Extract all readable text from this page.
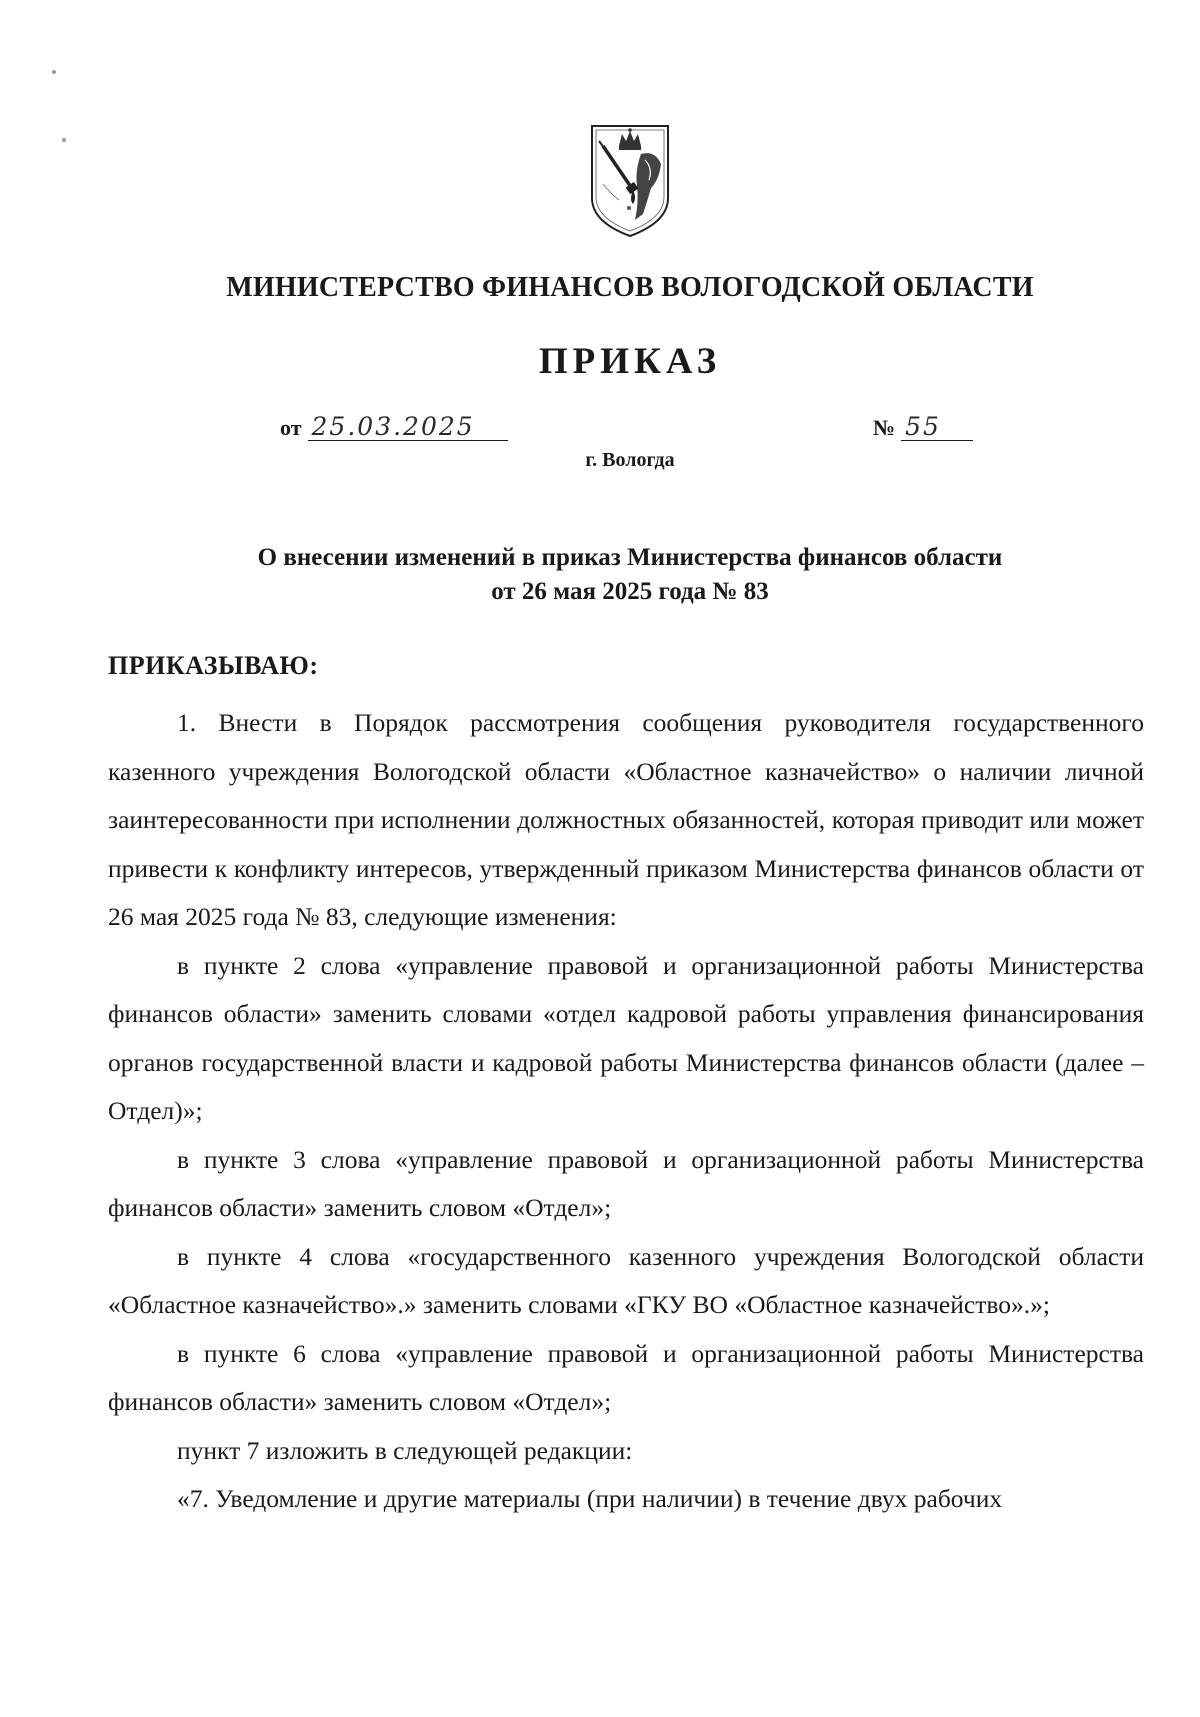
МИНИСТЕРСТВО ФИНАНСОВ ВОЛОГОДСКОЙ ОБЛАСТИ
ПРИКАЗ
от 25.03.2025	№ 55
г. Вологда
О внесении изменений в приказ Министерства финансов области
от 26 мая 2025 года № 83
ПРИКАЗЫВАЮ:

1. Внести в Порядок рассмотрения сообщения руководителя государственного казенного учреждения Вологодской области «Областное казначейство» о наличии личной заинтересованности при исполнении должностных обязанностей, которая приводит или может привести к конфликту интересов, утвержденный приказом Министерства финансов области от 26 мая 2025 года № 83, следующие изменения:

в пункте 2 слова «управление правовой и организационной работы Министерства финансов области» заменить словами «отдел кадровой работы управления финансирования органов государственной власти и кадровой работы Министерства финансов области (далее – Отдел)»;

в пункте 3 слова «управление правовой и организационной работы Министерства финансов области» заменить словом «Отдел»;

в пункте 4 слова «государственного казенного учреждения Вологодской области «Областное казначейство».» заменить словами «ГКУ ВО «Областное казначейство».»;

в пункте 6 слова «управление правовой и организационной работы Министерства финансов области» заменить словом «Отдел»;

пункт 7 изложить в следующей редакции:

«7. Уведомление и другие материалы (при наличии) в течение двух рабочих
